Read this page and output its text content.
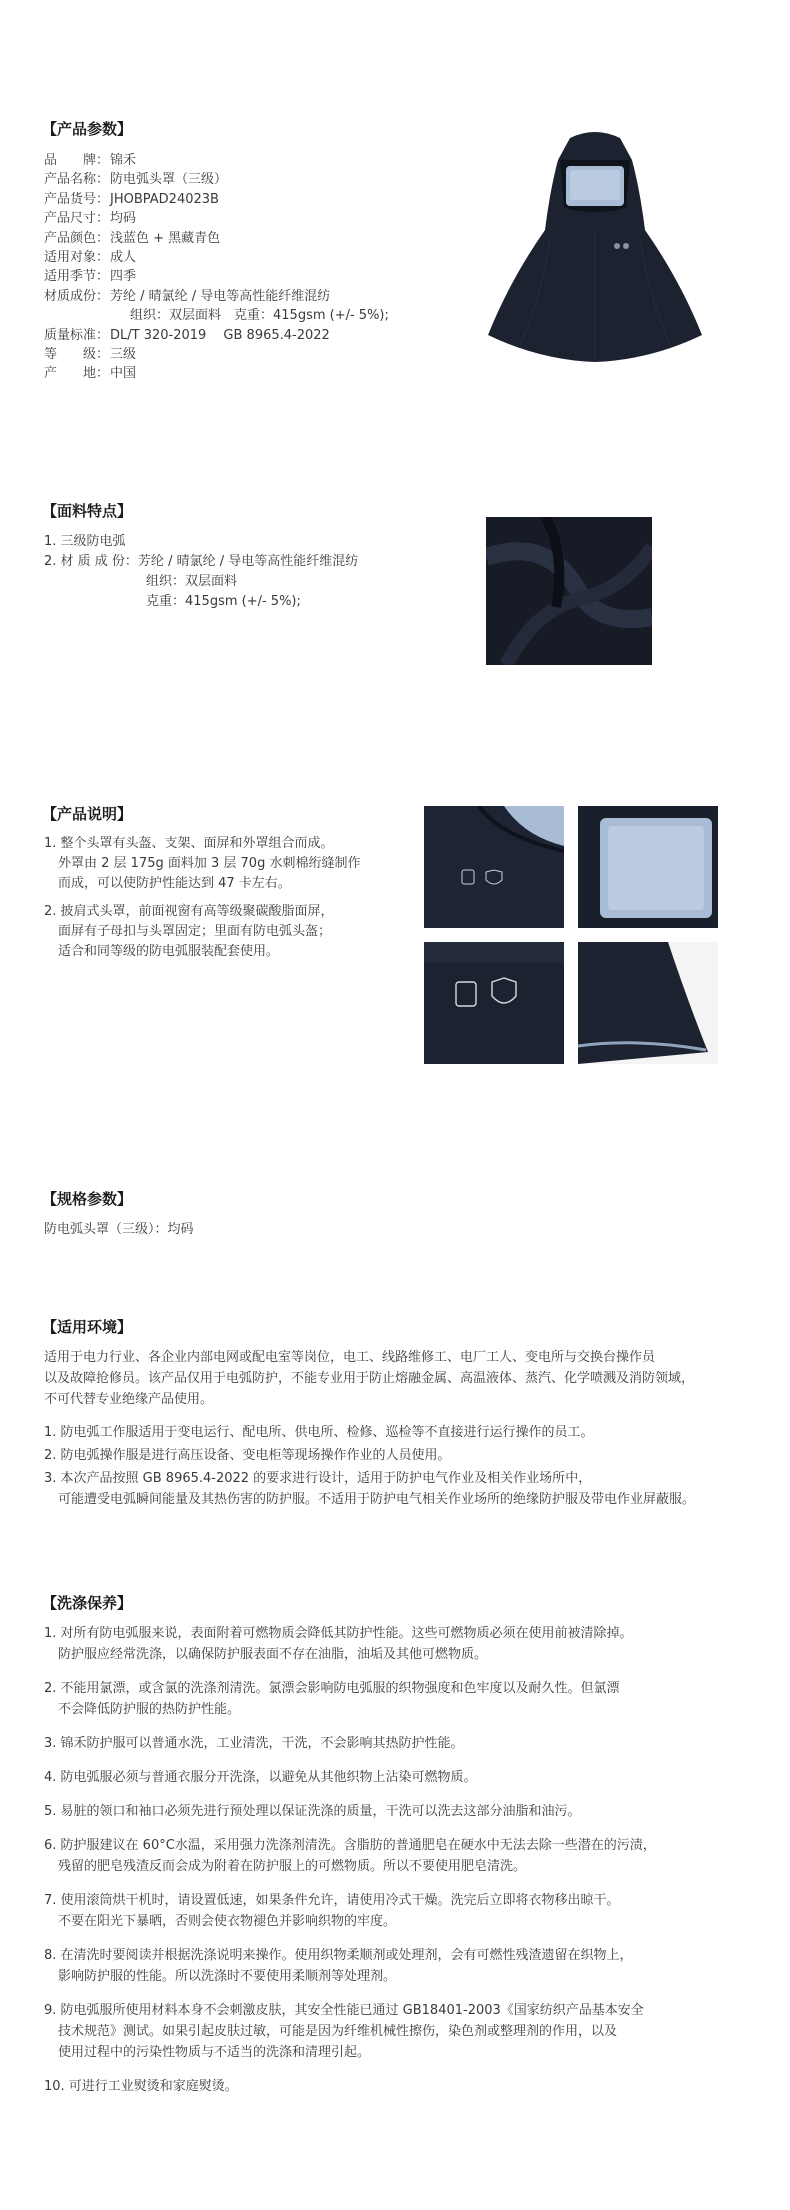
【产品参数】
品　　牌：锦禾
产品名称：防电弧头罩（三级）
产品货号：JHOBPAD24023B
产品尺寸：均码
产品颜色：浅蓝色 + 黑藏青色
适用对象：成人
适用季节：四季
材质成份：芳纶 / 晴氯纶 / 导电等高性能纤维混纺
组织：双层面料　克重：415gsm (+/- 5%);
质量标准：DL/T 320-2019　 GB 8965.4-2022
等　　级：三级
产　　地：中国
【面料特点】
1. 三级防电弧
2. 材 质 成 份：芳纶 / 晴氯纶 / 导电等高性能纤维混纺
组织：双层面料
克重：415gsm (+/- 5%);
【产品说明】
1. 整个头罩有头盔、支架、面屏和外罩组合而成。
外罩由 2 层 175g 面料加 3 层 70g 水刺棉绗缝制作
而成，可以使防护性能达到 47 卡左右。
2. 披肩式头罩，前面视窗有高等级聚碳酸脂面屏，
面屏有子母扣与头罩固定；里面有防电弧头盔；
适合和同等级的防电弧服装配套使用。
【规格参数】
防电弧头罩（三级）：均码
【适用环境】
适用于电力行业、各企业内部电网或配电室等岗位，电工、线路维修工、电厂工人、变电所与交换台操作员
以及故障抢修员。该产品仅用于电弧防护，不能专业用于防止熔融金属、高温液体、蒸汽、化学喷溅及消防领域，
不可代替专业绝缘产品使用。
1. 防电弧工作服适用于变电运行、配电所、供电所、检修、巡检等不直接进行运行操作的员工。
2. 防电弧操作服是进行高压设备、变电柜等现场操作作业的人员使用。
3. 本次产品按照 GB 8965.4-2022 的要求进行设计，适用于防护电气作业及相关作业场所中，
可能遭受电弧瞬间能量及其热伤害的防护服。不适用于防护电气相关作业场所的绝缘防护服及带电作业屏蔽服。
【洗涤保养】
1. 对所有防电弧服来说，表面附着可燃物质会降低其防护性能。这些可燃物质必须在使用前被清除掉。
防护服应经常洗涤，以确保防护服表面不存在油脂，油垢及其他可燃物质。
2. 不能用氯漂，或含氯的洗涤剂清洗。氯漂会影响防电弧服的织物强度和色牢度以及耐久性。但氯漂
不会降低防护服的热防护性能。
3. 锦禾防护服可以普通水洗，工业清洗，干洗，不会影响其热防护性能。
4. 防电弧服必须与普通衣服分开洗涤，以避免从其他织物上沾染可燃物质。
5. 易脏的领口和袖口必须先进行预处理以保证洗涤的质量，干洗可以洗去这部分油脂和油污。
6. 防护服建议在 60°C水温，采用强力洗涤剂清洗。含脂肪的普通肥皂在硬水中无法去除一些潜在的污渍，
残留的肥皂残渣反而会成为附着在防护服上的可燃物质。所以不要使用肥皂清洗。
7. 使用滚筒烘干机时，请设置低速，如果条件允许，请使用冷式干燥。洗完后立即将衣物移出晾干。
不要在阳光下暴晒，否则会使衣物褪色并影响织物的牢度。
8. 在清洗时要阅读并根据洗涤说明来操作。使用织物柔顺剂或处理剂，会有可燃性残渣遗留在织物上，
影响防护服的性能。所以洗涤时不要使用柔顺剂等处理剂。
9. 防电弧服所使用材料本身不会刺激皮肤，其安全性能已通过 GB18401-2003《国家纺织产品基本安全
技术规范》测试。如果引起皮肤过敏，可能是因为纤维机械性擦伤，染色剂或整理剂的作用，以及
使用过程中的污染性物质与不适当的洗涤和清理引起。
10. 可进行工业熨烫和家庭熨烫。
